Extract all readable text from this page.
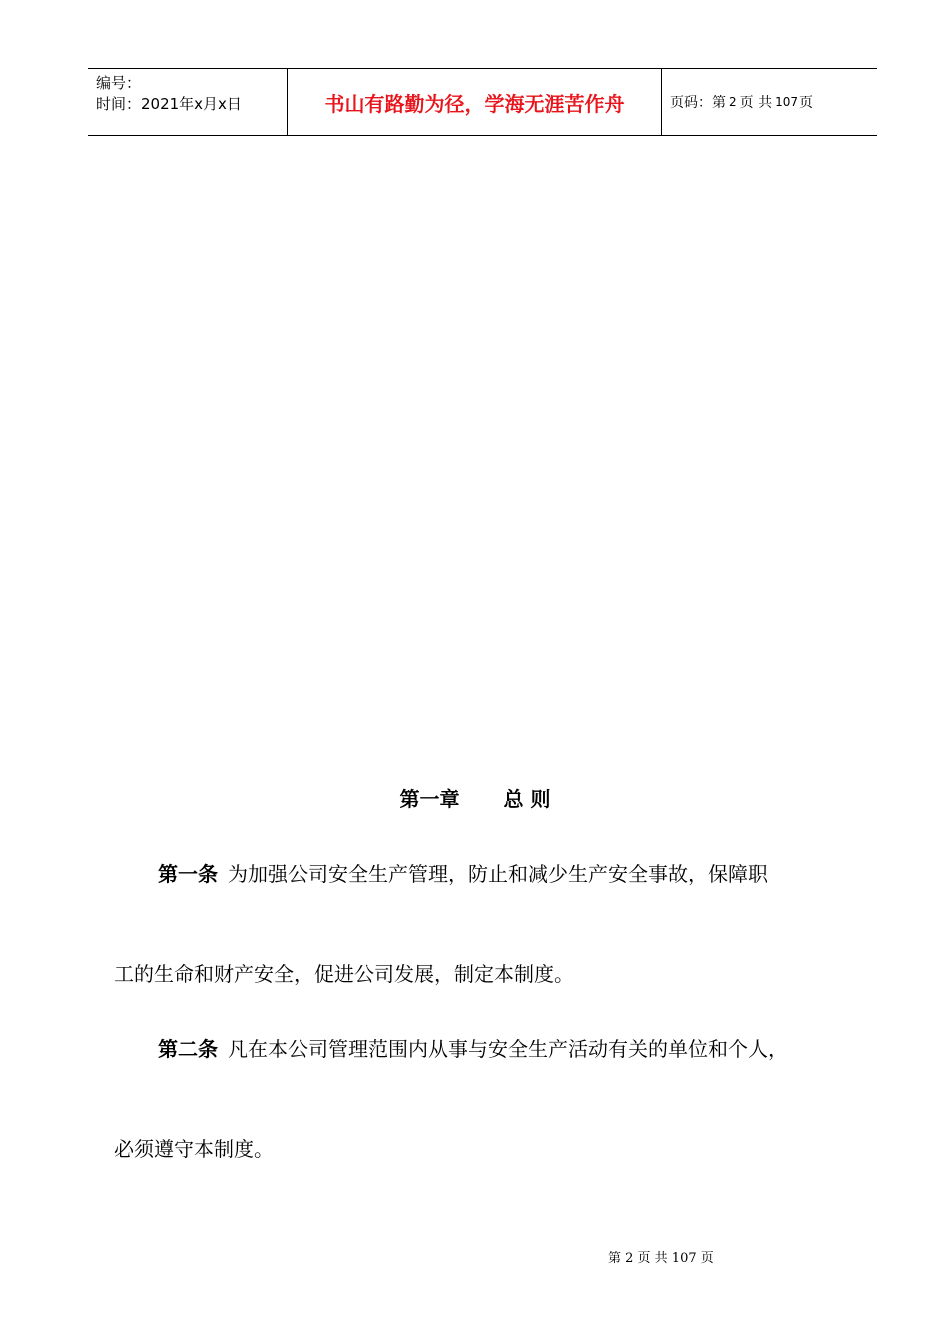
编号：
时间：2021年x月x日	书山有路勤为径，学海无涯苦作舟	页码：第 2 页 共 107 页
第一章 总 则
第一条 为加强公司安全生产管理，防止和减少生产安全事故，保障职
工的生命和财产安全，促进公司发展，制定本制度。
第二条 凡在本公司管理范围内从事与安全生产活动有关的单位和个人，
必须遵守本制度。
第 2 页 共 107 页
